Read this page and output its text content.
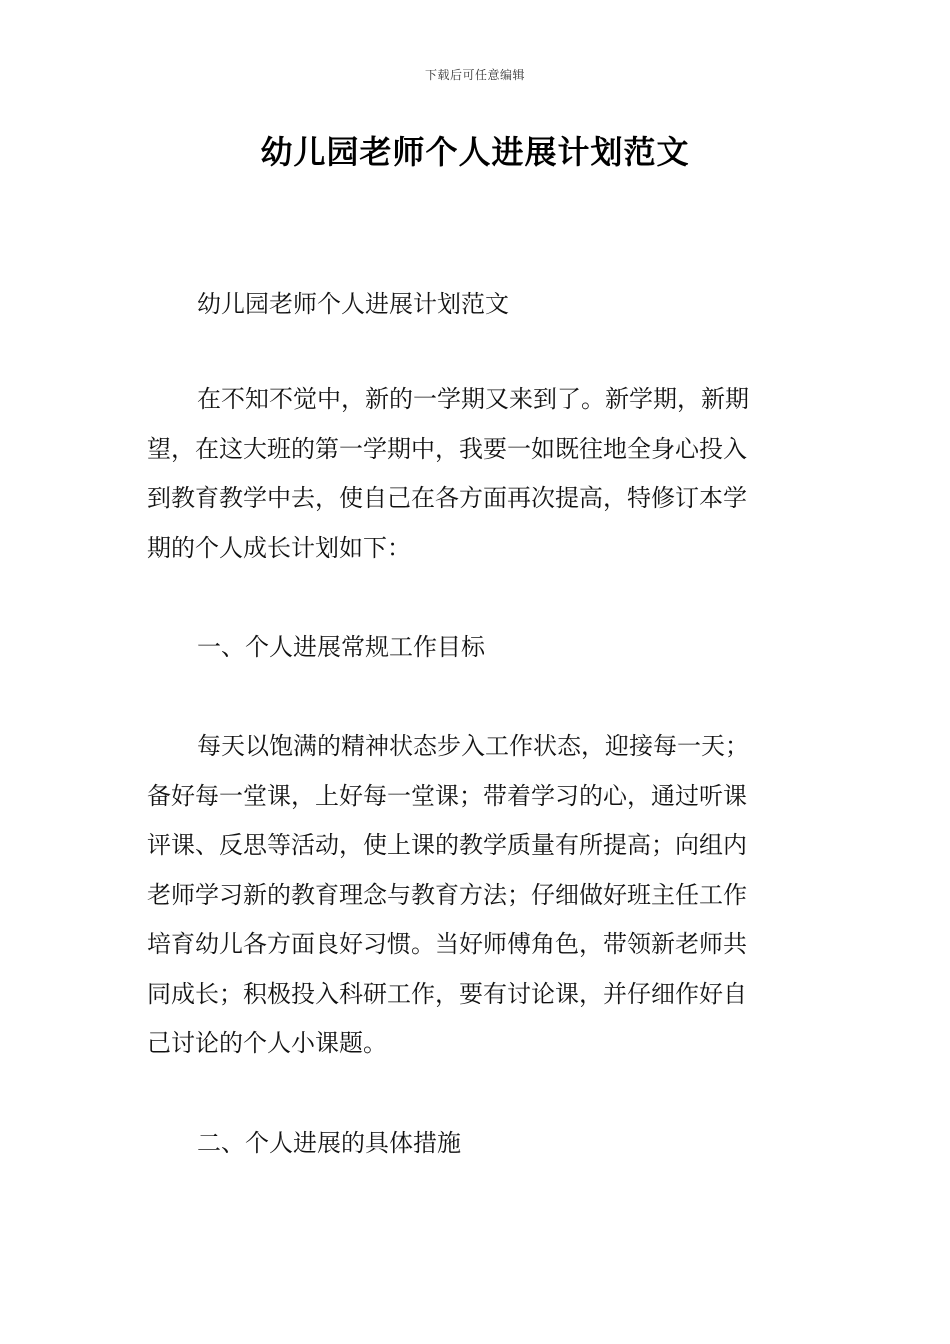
下载后可任意编辑
幼儿园老师个人进展计划范文
幼儿园老师个人进展计划范文
在不知不觉中，新的一学期又来到了。新学期，新期
望，在这大班的第一学期中，我要一如既往地全身心投入
到教育教学中去，使自己在各方面再次提高，特修订本学
期的个人成长计划如下：
一、个人进展常规工作目标
每天以饱满的精神状态步入工作状态，迎接每一天；
备好每一堂课，上好每一堂课；带着学习的心，通过听课
评课、反思等活动，使上课的教学质量有所提高；向组内
老师学习新的教育理念与教育方法；仔细做好班主任工作
培育幼儿各方面良好习惯。当好师傅角色，带领新老师共
同成长；积极投入科研工作，要有讨论课，并仔细作好自
己讨论的个人小课题。
二、个人进展的具体措施
